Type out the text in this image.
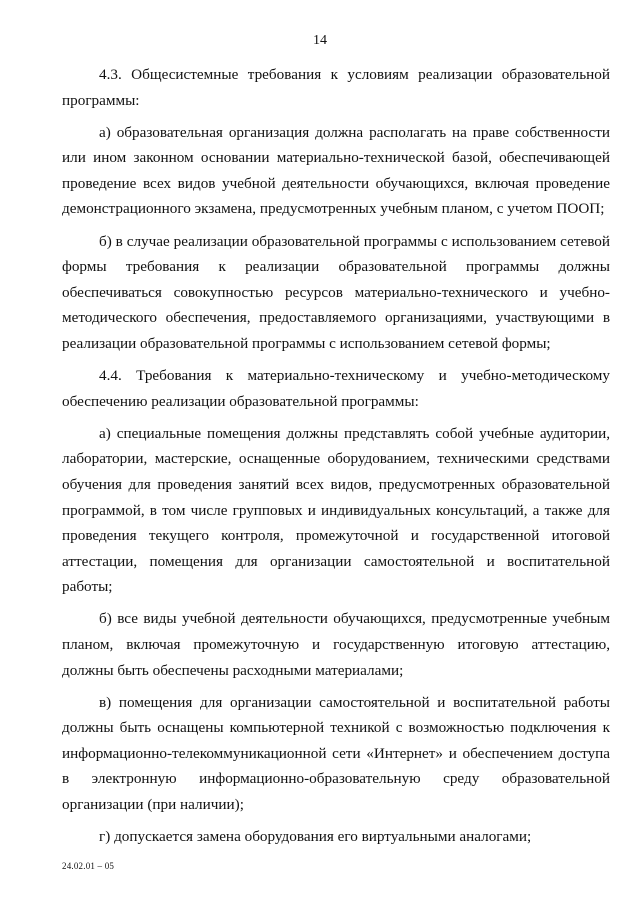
14

4.3. Общесистемные требования к условиям реализации образовательной программы:

а) образовательная организация должна располагать на праве собственности или ином законном основании материально-технической базой, обеспечивающей проведение всех видов учебной деятельности обучающихся, включая проведение демонстрационного экзамена, предусмотренных учебным планом, с учетом ПООП;

б) в случае реализации образовательной программы с использованием сетевой формы требования к реализации образовательной программы должны обеспечиваться совокупностью ресурсов материально-технического и учебно-методического обеспечения, предоставляемого организациями, участвующими в реализации образовательной программы с использованием сетевой формы;

4.4. Требования к материально-техническому и учебно-методическому обеспечению реализации образовательной программы:

а) специальные помещения должны представлять собой учебные аудитории, лаборатории, мастерские, оснащенные оборудованием, техническими средствами обучения для проведения занятий всех видов, предусмотренных образовательной программой, в том числе групповых и индивидуальных консультаций, а также для проведения текущего контроля, промежуточной и государственной итоговой аттестации, помещения для организации самостоятельной и воспитательной работы;

б) все виды учебной деятельности обучающихся, предусмотренные учебным планом, включая промежуточную и государственную итоговую аттестацию, должны быть обеспечены расходными материалами;

в) помещения для организации самостоятельной и воспитательной работы должны быть оснащены компьютерной техникой с возможностью подключения к информационно-телекоммуникационной сети «Интернет» и обеспечением доступа в электронную информационно-образовательную среду образовательной организации (при наличии);

г) допускается замена оборудования его виртуальными аналогами;

24.02.01 – 05
